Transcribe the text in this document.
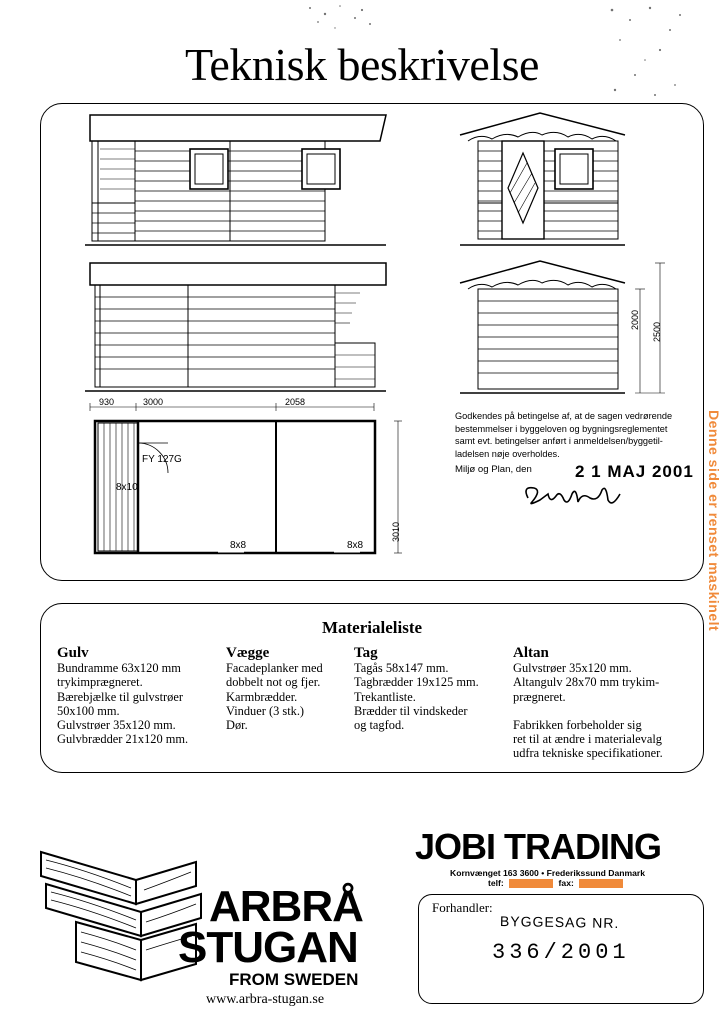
Teknisk beskrivelse
930	3000	2058
2000
2500
3010
FY 127G
8x10
8x8	8x8
Godkendes på betingelse af, at de sagen vedrørende
bestemmelser i byggeloven og bygningsreglementet
samt evt. betingelser anført i anmeldelsen/byggetil-
ladelsen nøje overholdes.
Miljø og Plan, den	2 1 MAJ 2001 Denne side er renset maskinelt
Materialeliste
Gulv
Bundramme 63x120 mm
trykimprægneret.
Bærebjælke til gulvstrøer
50x100 mm.
Gulvstrøer 35x120 mm.
Gulvbrædder 21x120 mm.
Vægge
Facadeplanker med
dobbelt not og fjer.
Karmbrædder.
Vinduer (3 stk.)
Dør.
Tag
Tagås 58x147 mm.
Tagbrædder 19x125 mm.
Trekantliste.
Brædder til vindskeder
og tagfod.
Altan
Gulvstrøer 35x120 mm.
Altangulv 28x70 mm trykim-
prægneret.
Fabrikken forbeholder sig
ret til at ændre i materialevalg
udfra tekniske specifikationer.
ARBRÅ
STUGAN
FROM SWEDEN
www.arbra-stugan.se
JOBI TRADING
Kornvænget 163 3600 • Frederikssund Danmark
telf:	fax:
Forhandler:
BYGGESAG NR.
336/2001
